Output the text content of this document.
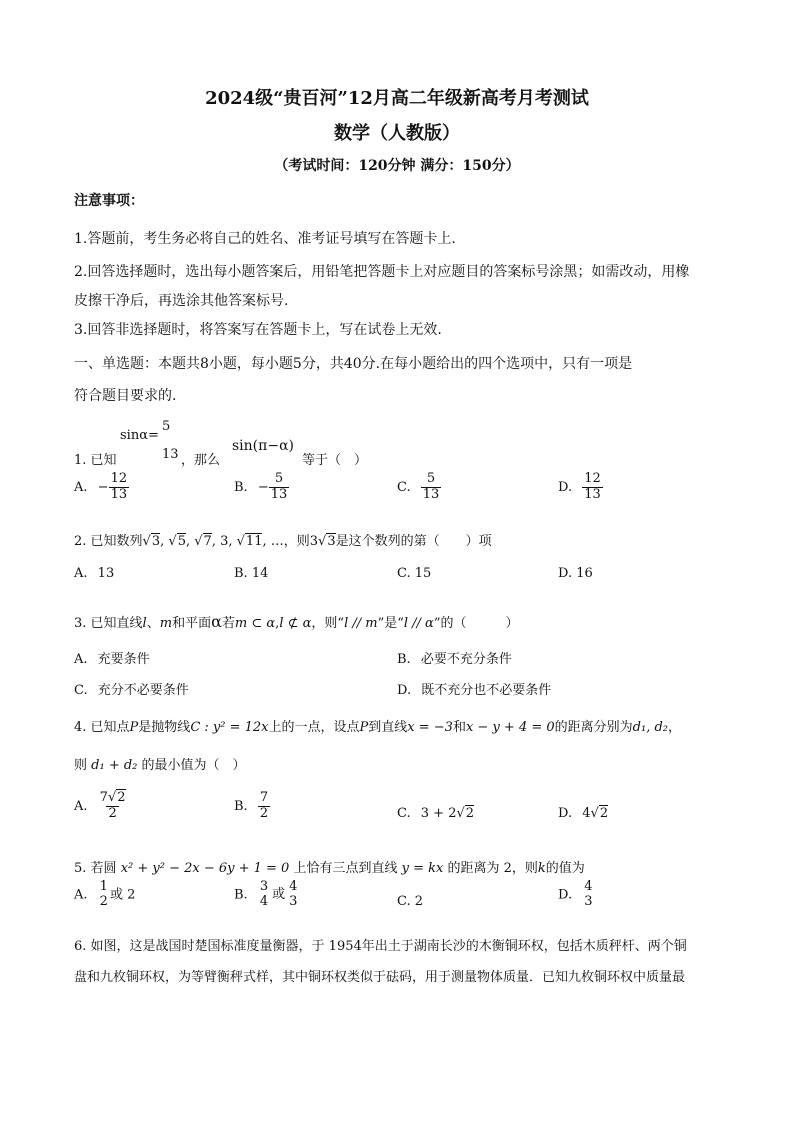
2024级“贵百河”12月高二年级新高考月考测试
数学（人教版）
（考试时间：120分钟 满分：150分）
注意事项：
1.答题前，考生务必将自己的姓名、准考证号填写在答题卡上.
2.回答选择题时，选出每小题答案后，用铅笔把答题卡上对应题目的答案标号涂黑；如需改动，用橡
皮擦干净后，再选涂其他答案标号.
3.回答非选择题时，将答案写在答题卡上，写在试卷上无效.
一、单选题：本题共8小题，每小题5分，共40分.在每小题给出的四个选项中，只有一项是
符合题目要求的.
sinα=
5
13
1. 已知	，那么
sin(π−α)
等于（　）
A. − $\frac{12}{13}$	B. − $\frac{5}{13}$	C. $\frac{5}{13}$	D. $\frac{12}{13}$
2. 已知数列√3, √5, √7, 3, √11, …，则3√3是这个数列的第（　　）项
A. 13	B. 14	C. 15	D. 16
3. 已知直线l、m和平面α若m ⊂ α,l ⊄ α，则“l // m”是“l // α”的（　　　）
A. 充要条件	B. 必要不充分条件
C. 充分不必要条件	D. 既不充分也不必要条件
4. 已知点P是抛物线C : y² = 12x上的一点，设点P到直线x = −3和x − y + 4 = 0的距离分别为d₁, d₂，
则 d₁ + d₂ 的最小值为（　）
A. $\frac{7√2}{2}$	B. $\frac{7}{2}$	C. 3 + 2√2	D. 4√2
5. 若圆 x² + y² − 2x − 6y + 1 = 0 上恰有三点到直线 y = kx 的距离为 2，则k的值为
A.
1
2 或 2	B.
3
4 或
4
3	C. 2	D.
4
3
6. 如图，这是战国时楚国标准度量衡器，于 1954年出土于湖南长沙的木衡铜环权，包括木质秤杆、两个铜
盘和九枚铜环权，为等臂衡秤式样，其中铜环权类似于砝码，用于测量物体质量．已知九枚铜环权中质量最
